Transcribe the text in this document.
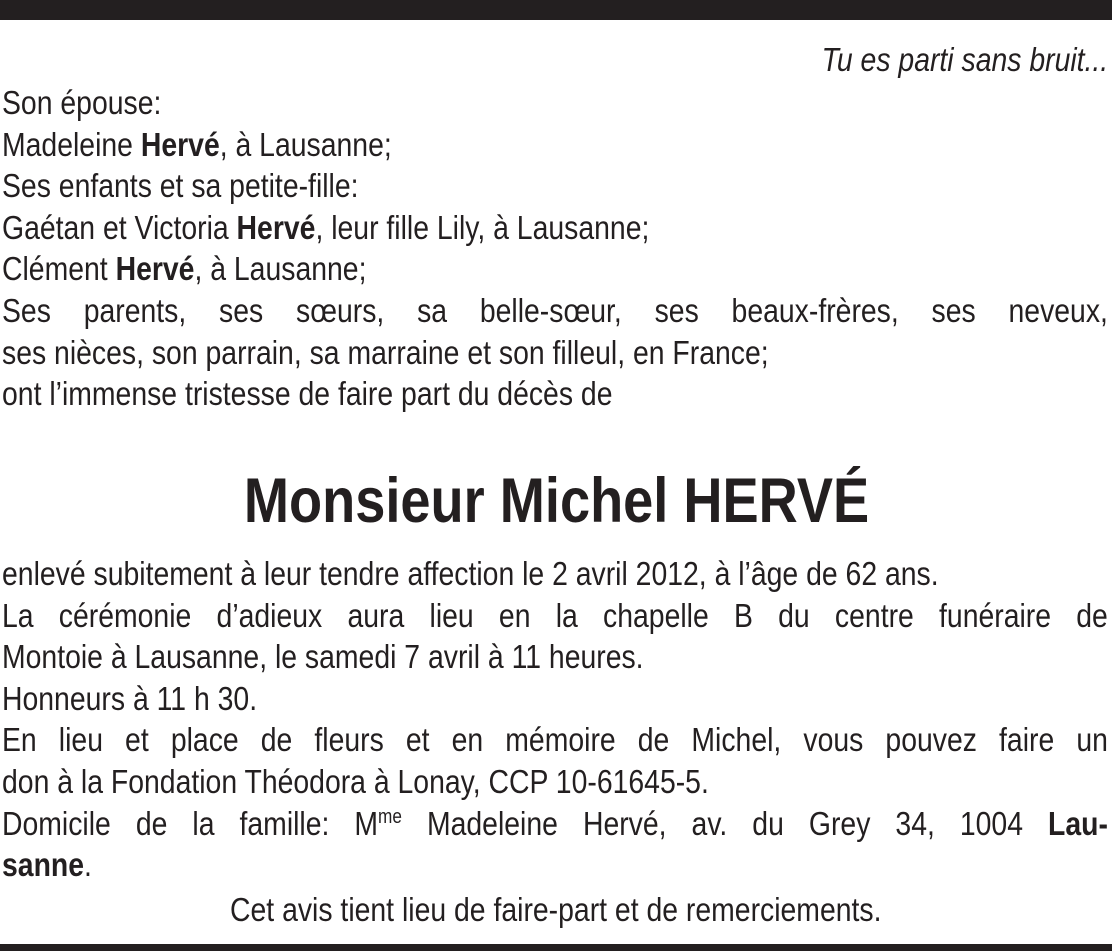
Tu es parti sans bruit...
Son épouse:
Madeleine Hervé, à Lausanne;
Ses enfants et sa petite-fille:
Gaétan et Victoria Hervé, leur fille Lily, à Lausanne;
Clément Hervé, à Lausanne;
Ses parents, ses sœurs, sa belle-sœur, ses beaux-frères, ses neveux,
ses nièces, son parrain, sa marraine et son filleul, en France;
ont l’immense tristesse de faire part du décès de
Monsieur Michel HERVÉ
enlevé subitement à leur tendre affection le 2 avril 2012, à l’âge de 62 ans.
La cérémonie d’adieux aura lieu en la chapelle B du centre funéraire de
Montoie à Lausanne, le samedi 7 avril à 11 heures.
Honneurs à 11 h 30.
En lieu et place de fleurs et en mémoire de Michel, vous pouvez faire un
don à la Fondation Théodora à Lonay, CCP 10-61645-5.
Domicile de la famille: $M^{me}$ Madeleine Hervé, av. du Grey 34, 1004 Lau-
sanne.
Cet avis tient lieu de faire-part et de remerciements.
